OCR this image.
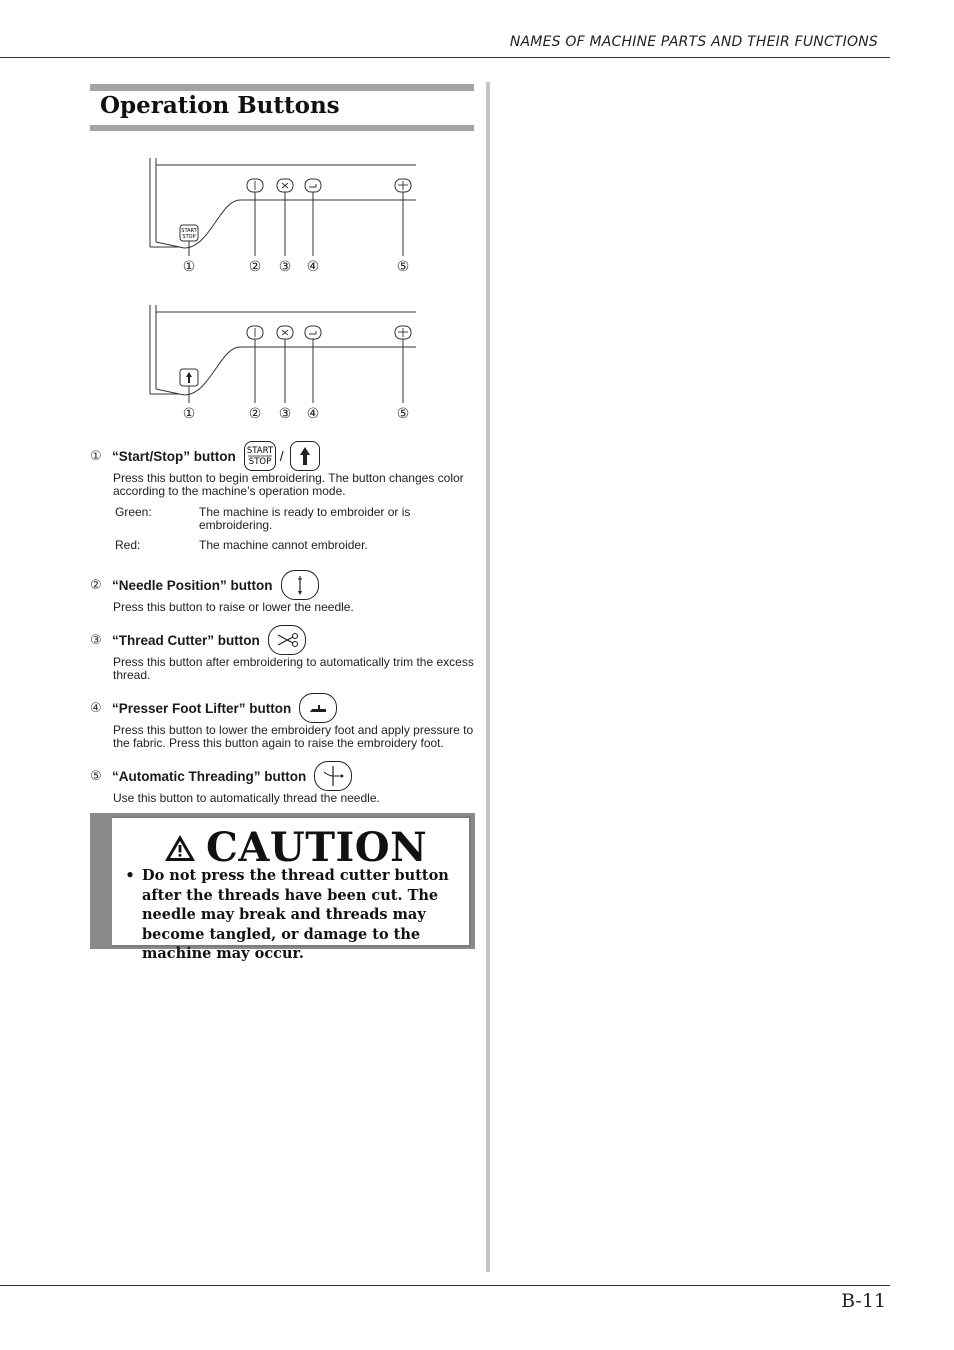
NAMES OF MACHINE PARTS AND THEIR FUNCTIONS
Operation Buttons
START
STOP
①	② ③ ④	⑤
①	② ③ ④	⑤
① “Start/Stop” button START
STOP /

Press this button to begin embroidering. The button changes color according to the machine’s operation mode.

Green:	The machine is ready to embroider or is embroidering.
Red:	The machine cannot embroider.
② “Needle Position” button

Press this button to raise or lower the needle.

③ “Thread Cutter” button

Press this button after embroidering to automatically trim the excess thread.

④ “Presser Foot Lifter” button

Press this button to lower the embroidery foot and apply pressure to the fabric. Press this button again to raise the embroidery foot.

⑤ “Automatic Threading” button

Use this button to automatically thread the needle.

CAUTION
• Do not press the thread cutter button after the threads have been cut. The needle may break and threads may become tangled, or damage to the machine may occur.
B-11
